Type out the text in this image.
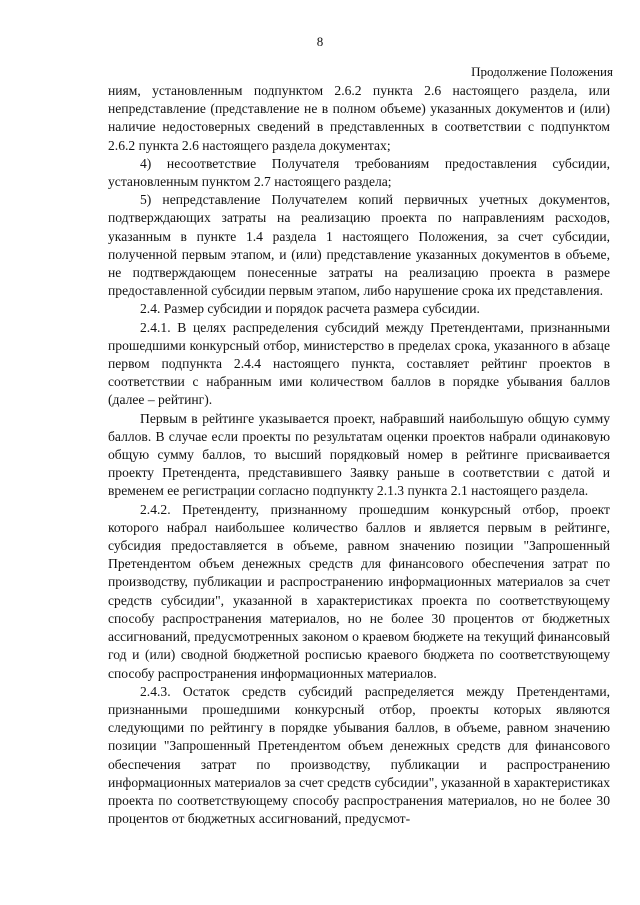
8
Продолжение Положения

ниям, установленным подпунктом 2.6.2 пункта 2.6 настоящего раздела, или непредставление (представление не в полном объеме) указанных документов и (или) наличие недостоверных сведений в представленных в соответствии с подпунктом 2.6.2 пункта 2.6 настоящего раздела документах;

4) несоответствие Получателя требованиям предоставления субсидии, установленным пунктом 2.7 настоящего раздела;

5) непредставление Получателем копий первичных учетных документов, подтверждающих затраты на реализацию проекта по направлениям расходов, указанным в пункте 1.4 раздела 1 настоящего Положения, за счет субсидии, полученной первым этапом, и (или) представление указанных документов в объеме, не подтверждающем понесенные затраты на реализацию проекта в размере предоставленной субсидии первым этапом, либо нарушение срока их представления.

2.4. Размер субсидии и порядок расчета размера субсидии.

2.4.1. В целях распределения субсидий между Претендентами, признанными прошедшими конкурсный отбор, министерство в пределах срока, указанного в абзаце первом подпункта 2.4.4 настоящего пункта, составляет рейтинг проектов в соответствии с набранным ими количеством баллов в порядке убывания баллов (далее – рейтинг).

Первым в рейтинге указывается проект, набравший наибольшую общую сумму баллов. В случае если проекты по результатам оценки проектов набрали одинаковую общую сумму баллов, то высший порядковый номер в рейтинге присваивается проекту Претендента, представившего Заявку раньше в соответствии с датой и временем ее регистрации согласно подпункту 2.1.3 пункта 2.1 настоящего раздела.

2.4.2. Претенденту, признанному прошедшим конкурсный отбор, проект которого набрал наибольшее количество баллов и является первым в рейтинге, субсидия предоставляется в объеме, равном значению позиции "Запрошенный Претендентом объем денежных средств для финансового обеспечения затрат по производству, публикации и распространению информационных материалов за счет средств субсидии", указанной в характеристиках проекта по соответствующему способу распространения материалов, но не более 30 процентов от бюджетных ассигнований, предусмотренных законом о краевом бюджете на текущий финансовый год и (или) сводной бюджетной росписью краевого бюджета по соответствующему способу распространения информационных материалов.

2.4.3. Остаток средств субсидий распределяется между Претендентами, признанными прошедшими конкурсный отбор, проекты которых являются следующими по рейтингу в порядке убывания баллов, в объеме, равном значению позиции "Запрошенный Претендентом объем денежных средств для финансового обеспечения затрат по производству, публикации и распространению информационных материалов за счет средств субсидии", указанной в характеристиках проекта по соответствующему способу распространения материалов, но не более 30 процентов от бюджетных ассигнований, предусмот-
